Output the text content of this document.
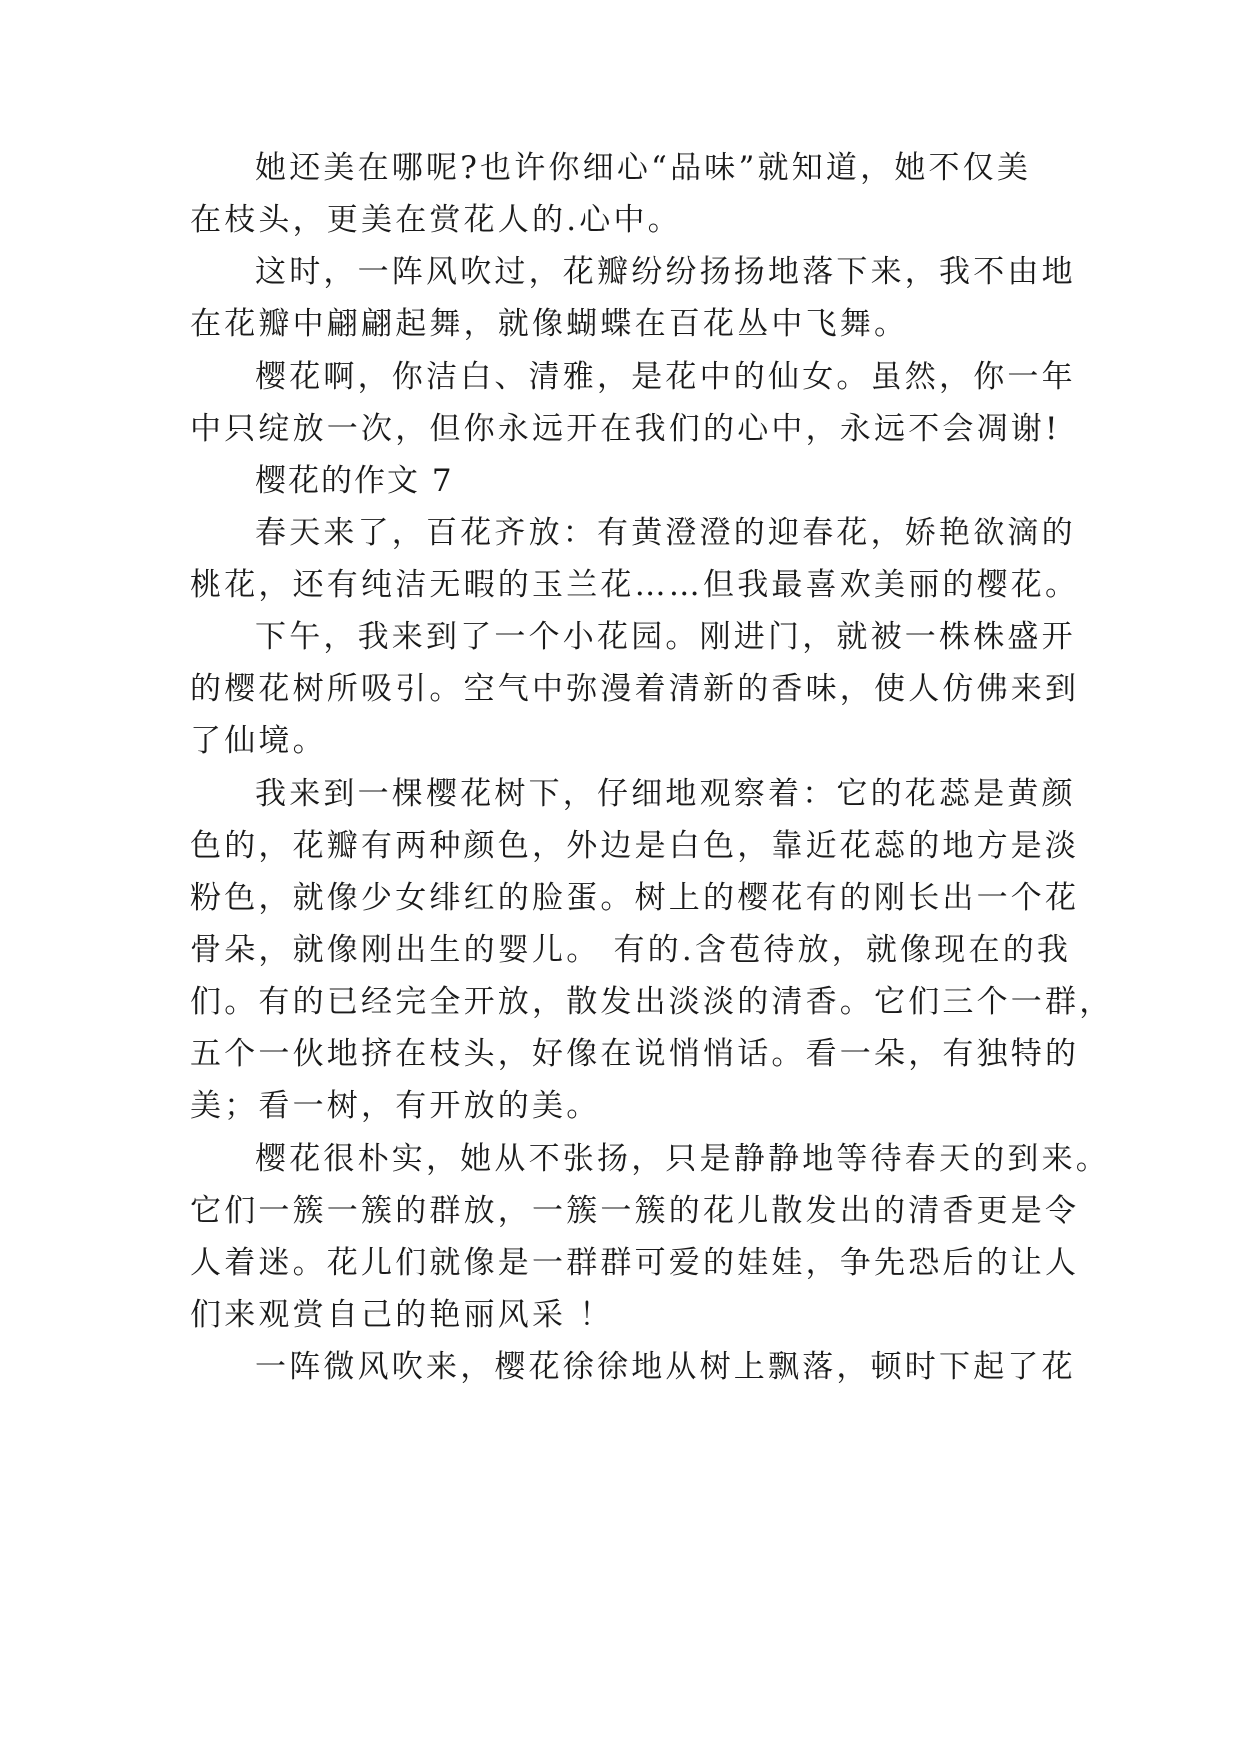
她还美在哪呢?也许你细心“品味”就知道，她不仅美

在枝头，更美在赏花人的.心中。

这时，一阵风吹过，花瓣纷纷扬扬地落下来，我不由地

在花瓣中翩翩起舞，就像蝴蝶在百花丛中飞舞。

樱花啊，你洁白、清雅，是花中的仙女。虽然，你一年

中只绽放一次，但你永远开在我们的心中，永远不会凋谢!

樱花的作文 7

春天来了，百花齐放：有黄澄澄的迎春花，娇艳欲滴的

桃花，还有纯洁无暇的玉兰花……但我最喜欢美丽的樱花。

下午，我来到了一个小花园。刚进门，就被一株株盛开

的樱花树所吸引。空气中弥漫着清新的香味，使人仿佛来到

了仙境。

我来到一棵樱花树下，仔细地观察着：它的花蕊是黄颜

色的，花瓣有两种颜色，外边是白色，靠近花蕊的地方是淡

粉色，就像少女绯红的脸蛋。树上的樱花有的刚长出一个花

骨朵，就像刚出生的婴儿。 有的.含苞待放，就像现在的我

们。有的已经完全开放，散发出淡淡的清香。它们三个一群，

五个一伙地挤在枝头，好像在说悄悄话。看一朵，有独特的

美；看一树，有开放的美。

樱花很朴实，她从不张扬，只是静静地等待春天的到来。

它们一簇一簇的群放，一簇一簇的花儿散发出的清香更是令

人着迷。花儿们就像是一群群可爱的娃娃，争先恐后的让人

们来观赏自己的艳丽风采 ！

一阵微风吹来，樱花徐徐地从树上飘落，顿时下起了花
